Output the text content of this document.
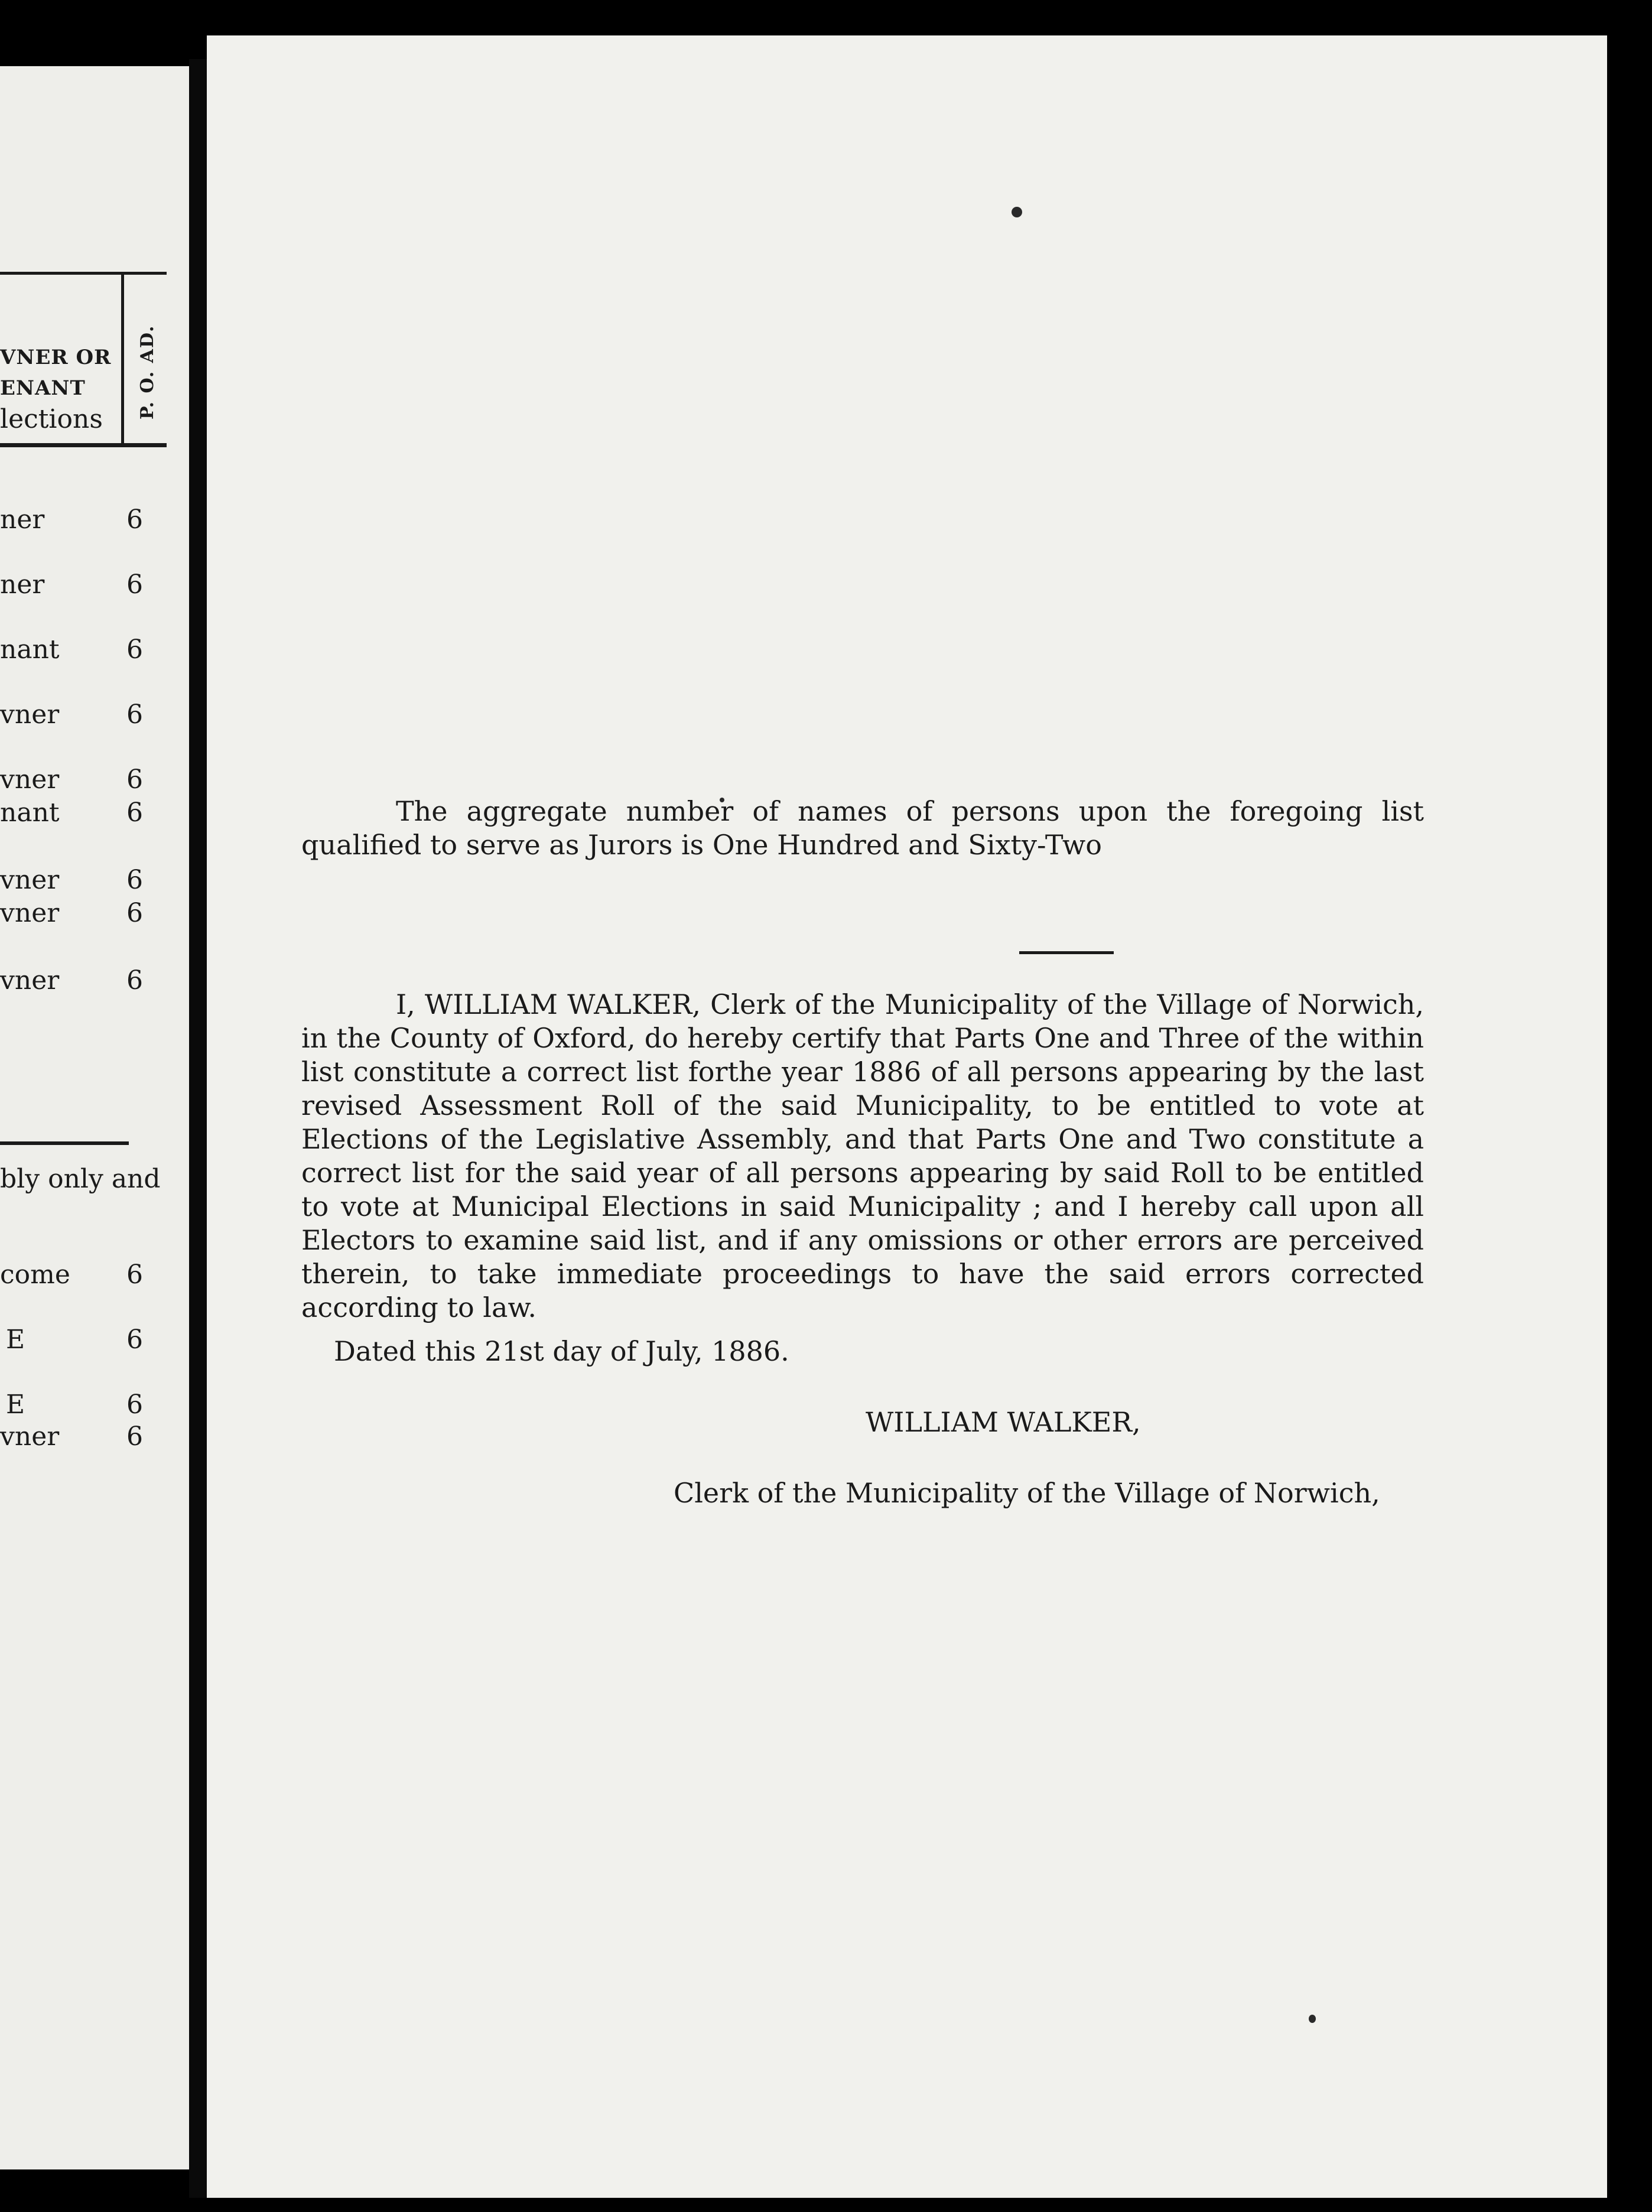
VNER OR
ENANT	P. O. AD.
lections
ner	6
ner	6
nant	6
vner	6
vner	6
nant	6
vner	6
vner	6
vner	6
bly only and
come 6
E	6
E	6
vner	6
The aggregate number of names of persons upon the foregoing list qualified to serve as Jurors is One Hundred and Sixty-Two
I, WILLIAM WALKER, Clerk of the Municipality of the Village of Norwich, in the County of Oxford, do hereby certify that Parts One and Three of the within list constitute a correct list forthe year 1886 of all persons appearing by the last revised Assessment Roll of the said Municipality, to be entitled to vote at Elections of the Legislative Assembly, and that Parts One and Two constitute a correct list for the said year of all persons appearing by said Roll to be entitled to vote at Municipal Elections in said Municipality ; and I hereby call upon all Electors to examine said list, and if any omissions or other errors are perceived therein, to take immediate proceedings to have the said errors corrected according to law.
Dated this 21st day of July, 1886.
WILLIAM WALKER,
Clerk of the Municipality of the Village of Norwich,
